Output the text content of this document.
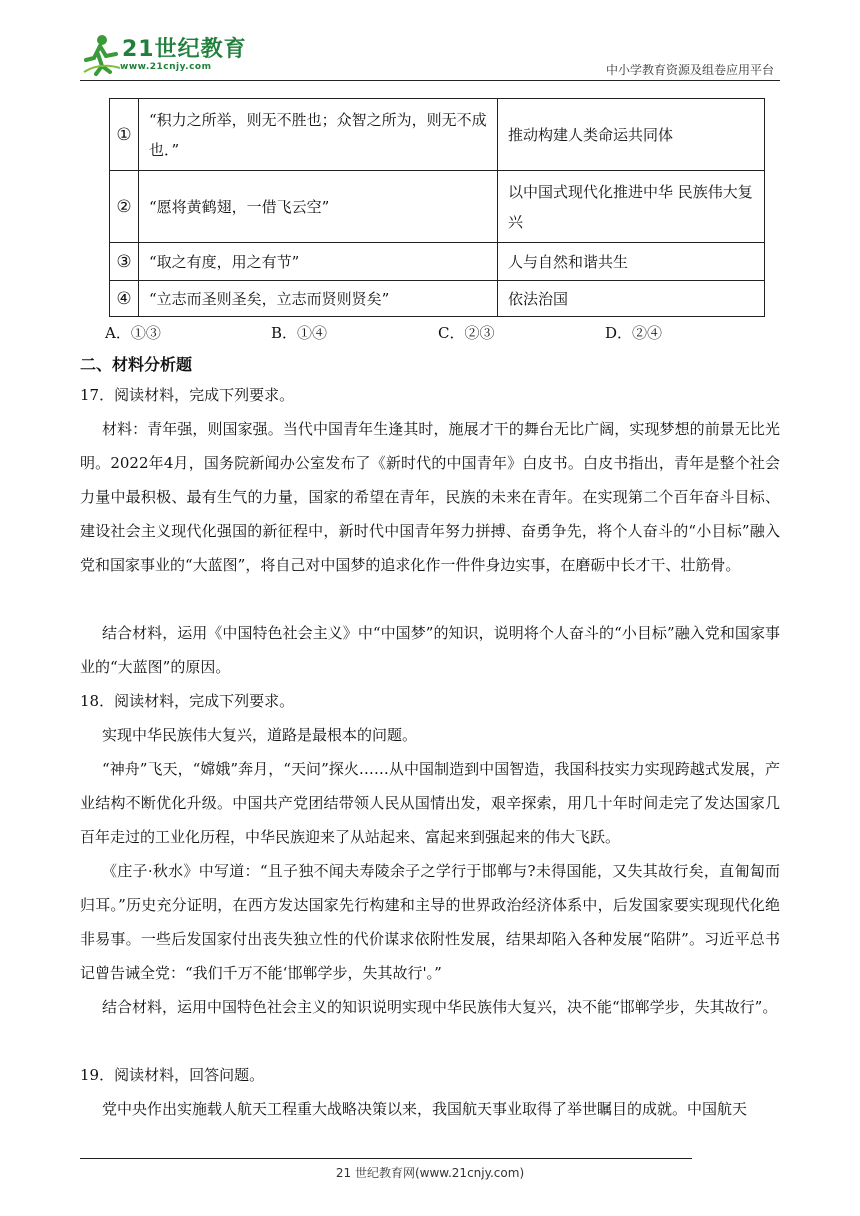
21世纪教育
www.21cnjy.com	中小学教育资源及组卷应用平台
①	“积力之所举，则无不胜也；众智之所为，则无不成也．”	推动构建人类命运共同体
②	“愿将黄鹤翅，一借飞云空”	以中国式现代化推进中华 民族伟大复兴
③	“取之有度，用之有节”	人与自然和谐共生
④	“立志而圣则圣矣，立志而贤则贤矣”	依法治国
A．①③	B．①④	C．②③	D．②④
二、材料分析题
17．阅读材料，完成下列要求。
材料：青年强，则国家强。当代中国青年生逢其时，施展才干的舞台无比广阔，实现梦想的前景无比光明。2022年4月，国务院新闻办公室发布了《新时代的中国青年》白皮书。白皮书指出，青年是整个社会力量中最积极、最有生气的力量，国家的希望在青年，民族的未来在青年。在实现第二个百年奋斗目标、建设社会主义现代化强国的新征程中，新时代中国青年努力拼搏、奋勇争先，将个人奋斗的“小目标”融入党和国家事业的“大蓝图”，将自己对中国梦的追求化作一件件身边实事，在磨砺中长才干、壮筋骨。
结合材料，运用《中国特色社会主义》中“中国梦”的知识，说明将个人奋斗的“小目标”融入党和国家事业的“大蓝图”的原因。
18．阅读材料，完成下列要求。
实现中华民族伟大复兴，道路是最根本的问题。
“神舟”飞天，“嫦娥”奔月，“天问”探火……从中国制造到中国智造，我国科技实力实现跨越式发展，产业结构不断优化升级。中国共产党团结带领人民从国情出发，艰辛探索，用几十年时间走完了发达国家几百年走过的工业化历程，中华民族迎来了从站起来、富起来到强起来的伟大飞跃。
《庄子·秋水》中写道：“且子独不闻夫寿陵余子之学行于邯郸与?未得国能，又失其故行矣，直匍匐而归耳。”历史充分证明，在西方发达国家先行构建和主导的世界政治经济体系中，后发国家要实现现代化绝非易事。一些后发国家付出丧失独立性的代价谋求依附性发展，结果却陷入各种发展“陷阱”。习近平总书记曾告诫全党：“我们千万不能‘邯郸学步，失其故行'。”
结合材料，运用中国特色社会主义的知识说明实现中华民族伟大复兴，决不能“邯郸学步，失其故行”。
19．阅读材料，回答问题。
党中央作出实施载人航天工程重大战略决策以来，我国航天事业取得了举世瞩目的成就。中国航天
21 世纪教育网(www.21cnjy.com)
